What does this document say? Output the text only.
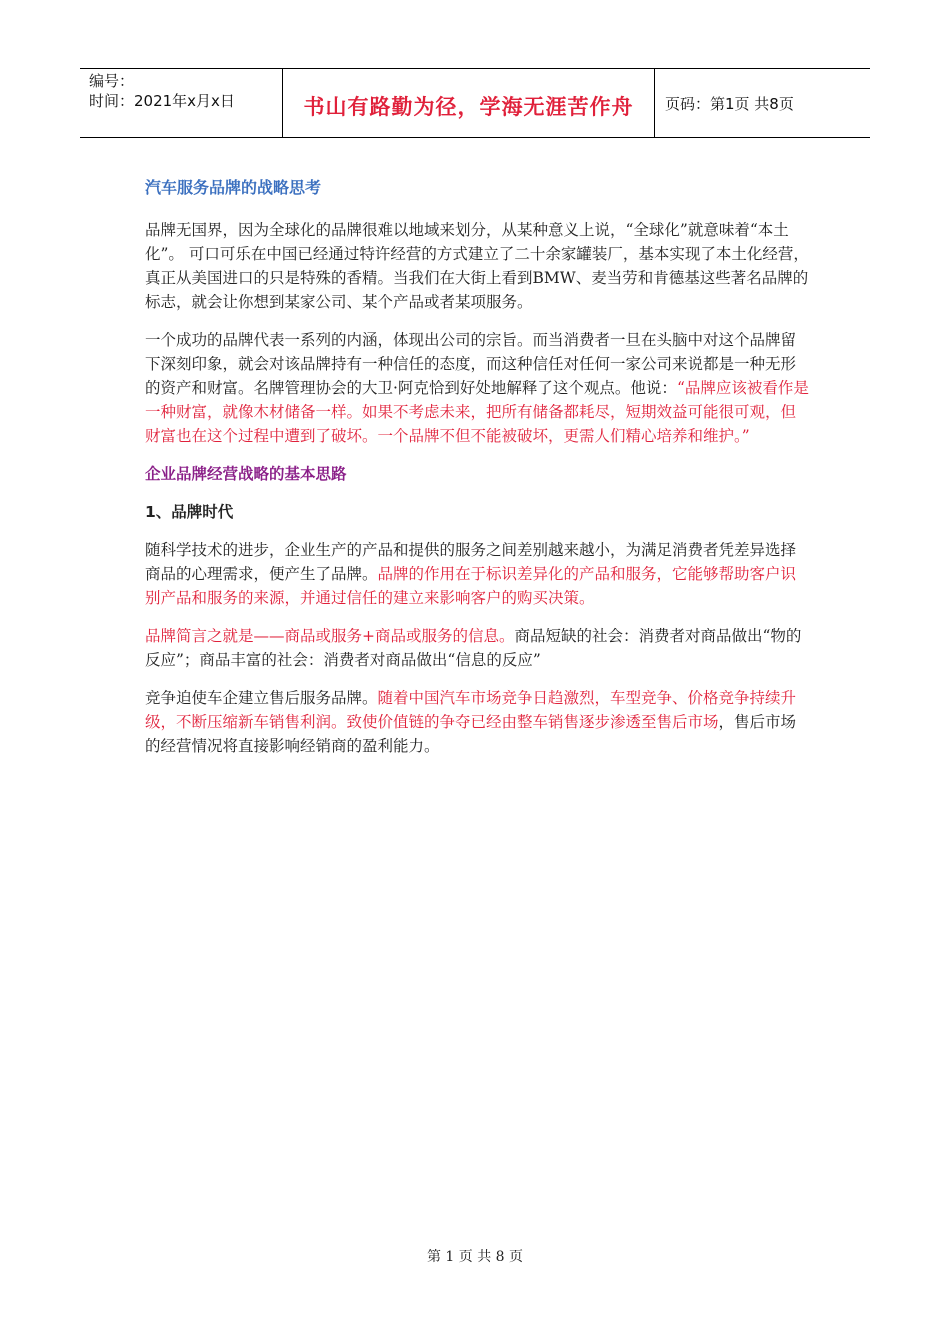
编号：
时间：2021年x月x日	书山有路勤为径，学海无涯苦作舟	页码：第1页 共8页
汽车服务品牌的战略思考

品牌无国界，因为全球化的品牌很难以地域来划分，从某种意义上说，“全球化”就意味着“本土化”。 可口可乐在中国已经通过特许经营的方式建立了二十余家罐装厂，基本实现了本土化经营，真正从美国进口的只是特殊的香精。当我们在大街上看到BMW、麦当劳和肯德基这些著名品牌的标志，就会让你想到某家公司、某个产品或者某项服务。

一个成功的品牌代表一系列的内涵，体现出公司的宗旨。而当消费者一旦在头脑中对这个品牌留下深刻印象，就会对该品牌持有一种信任的态度，而这种信任对任何一家公司来说都是一种无形的资产和财富。名牌管理协会的大卫·阿克恰到好处地解释了这个观点。他说：“品牌应该被看作是一种财富，就像木材储备一样。如果不考虑未来，把所有储备都耗尽，短期效益可能很可观，但财富也在这个过程中遭到了破坏。一个品牌不但不能被破坏，更需人们精心培养和维护。”

企业品牌经营战略的基本思路
1、品牌时代

随科学技术的进步，企业生产的产品和提供的服务之间差别越来越小，为满足消费者凭差异选择商品的心理需求，便产生了品牌。品牌的作用在于标识差异化的产品和服务，它能够帮助客户识别产品和服务的来源，并通过信任的建立来影响客户的购买决策。

品牌简言之就是——商品或服务+商品或服务的信息。商品短缺的社会：消费者对商品做出“物的反应”；商品丰富的社会：消费者对商品做出“信息的反应”

竞争迫使车企建立售后服务品牌。随着中国汽车市场竞争日趋激烈，车型竞争、价格竞争持续升级，不断压缩新车销售利润。致使价值链的争夺已经由整车销售逐步渗透至售后市场，售后市场的经营情况将直接影响经销商的盈利能力。

第 1 页 共 8 页
